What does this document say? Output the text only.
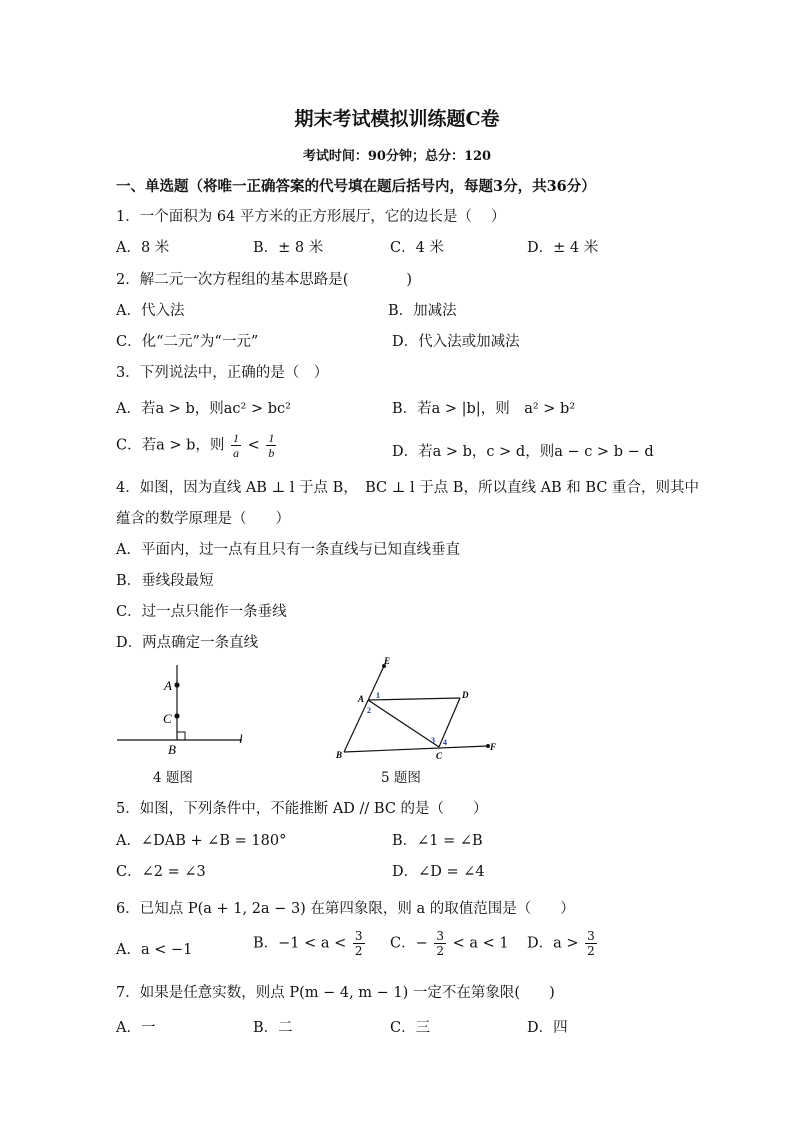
期末考试模拟训练题C卷
考试时间：90分钟；总分：120
一、单选题（将唯一正确答案的代号填在题后括号内，每题3分，共36分）
1．一个面积为 64 平方米的正方形展厅，它的边长是（　 ）
A．8 米	B．± 8 米	C．4 米	D．± 4 米
2．解二元一次方程组的基本思路是(　　　　)
A．代入法	B．加减法
C．化“二元”为“一元”	D．代入法或加减法
3．下列说法中，正确的是（　）
A．若a > b，则ac² > bc²	B．若a > |b|，则　a² > b²
C．若a > b，则 $\frac{1}{a} < \frac{1}{b}$	D．若a > b，c > d，则a − c > b − d
4．如图，因为直线 AB ⊥ l 于点 B，　BC ⊥ l 于点 B，所以直线 AB 和 BC 重合，则其中
蕴含的数学原理是（　　）
A．平面内，过一点有且只有一条直线与已知直线垂直
B．垂线段最短
C．过一点只能作一条垂线
D．两点确定一条直线
A
C
B
l
4 题图
E
A	D
B	C
F
1
2
3 4
5 题图
5．如图，下列条件中，不能推断 AD // BC 的是（　　）
A．∠DAB + ∠B = 180°	B．∠1 = ∠B
C．∠2 = ∠3	D．∠D = ∠4
6．已知点 P(a + 1, 2a − 3) 在第四象限，则 a 的取值范围是（　　）
A．a < −1	B．$-1 < a < \frac{3}{2}$ C．− $\frac{3}{2} < a < 1$ D．$a > \frac{3}{2}$
7．如果是任意实数，则点 P(m − 4, m − 1) 一定不在第象限(　　)
A．一	B．二	C．三	D．四
